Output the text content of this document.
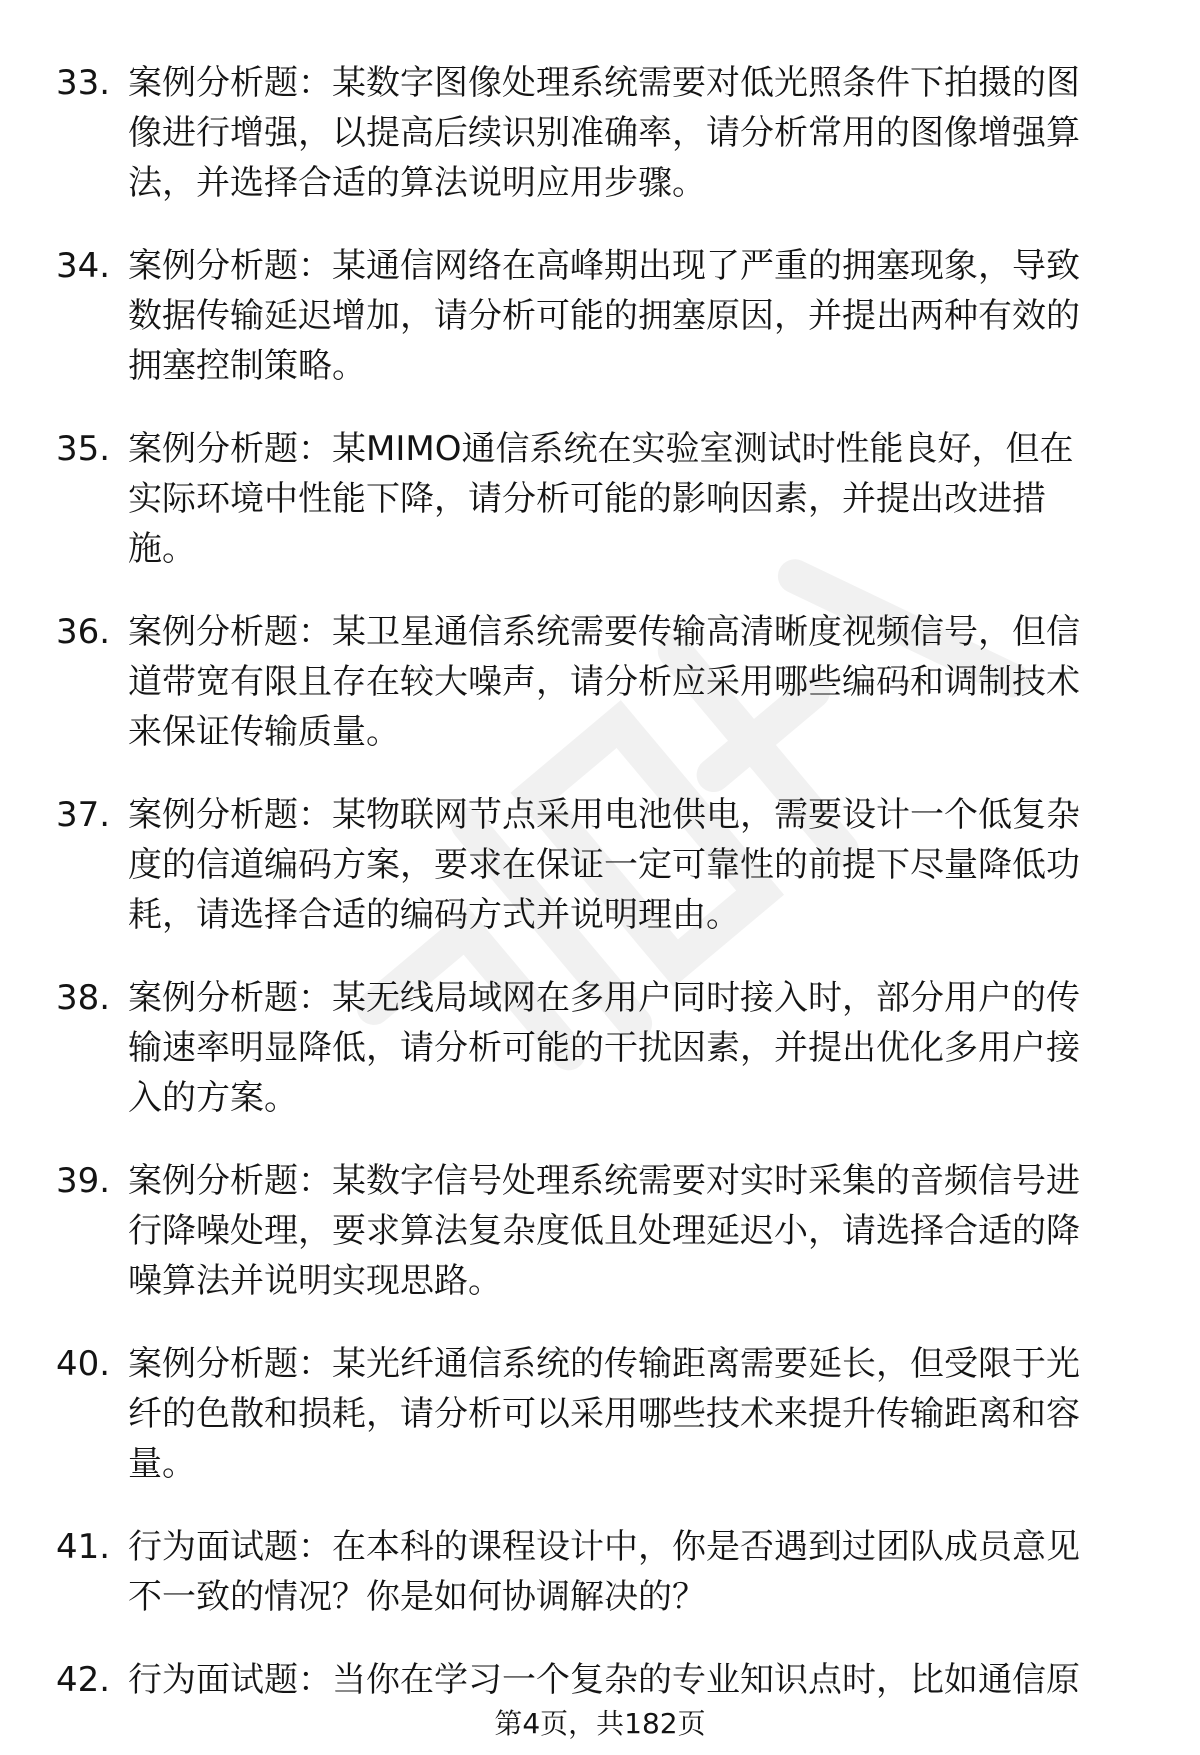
33. 案例分析题：某数字图像处理系统需要对低光照条件下拍摄的图
像进行增强，以提高后续识别准确率，请分析常用的图像增强算
法，并选择合适的算法说明应用步骤。
34. 案例分析题：某通信网络在高峰期出现了严重的拥塞现象，导致
数据传输延迟增加，请分析可能的拥塞原因，并提出两种有效的
拥塞控制策略。
35. 案例分析题：某MIMO通信系统在实验室测试时性能良好，但在
实际环境中性能下降，请分析可能的影响因素，并提出改进措
施。
36. 案例分析题：某卫星通信系统需要传输高清晰度视频信号，但信
道带宽有限且存在较大噪声，请分析应采用哪些编码和调制技术
来保证传输质量。
37. 案例分析题：某物联网节点采用电池供电，需要设计一个低复杂
度的信道编码方案，要求在保证一定可靠性的前提下尽量降低功
耗，请选择合适的编码方式并说明理由。
38. 案例分析题：某无线局域网在多用户同时接入时，部分用户的传
输速率明显降低，请分析可能的干扰因素，并提出优化多用户接
入的方案。
39. 案例分析题：某数字信号处理系统需要对实时采集的音频信号进
行降噪处理，要求算法复杂度低且处理延迟小，请选择合适的降
噪算法并说明实现思路。
40. 案例分析题：某光纤通信系统的传输距离需要延长，但受限于光
纤的色散和损耗，请分析可以采用哪些技术来提升传输距离和容
量。
41. 行为面试题：在本科的课程设计中，你是否遇到过团队成员意见
不一致的情况？你是如何协调解决的？
42. 行为面试题：当你在学习一个复杂的专业知识点时，比如通信原
第4页，共182页
